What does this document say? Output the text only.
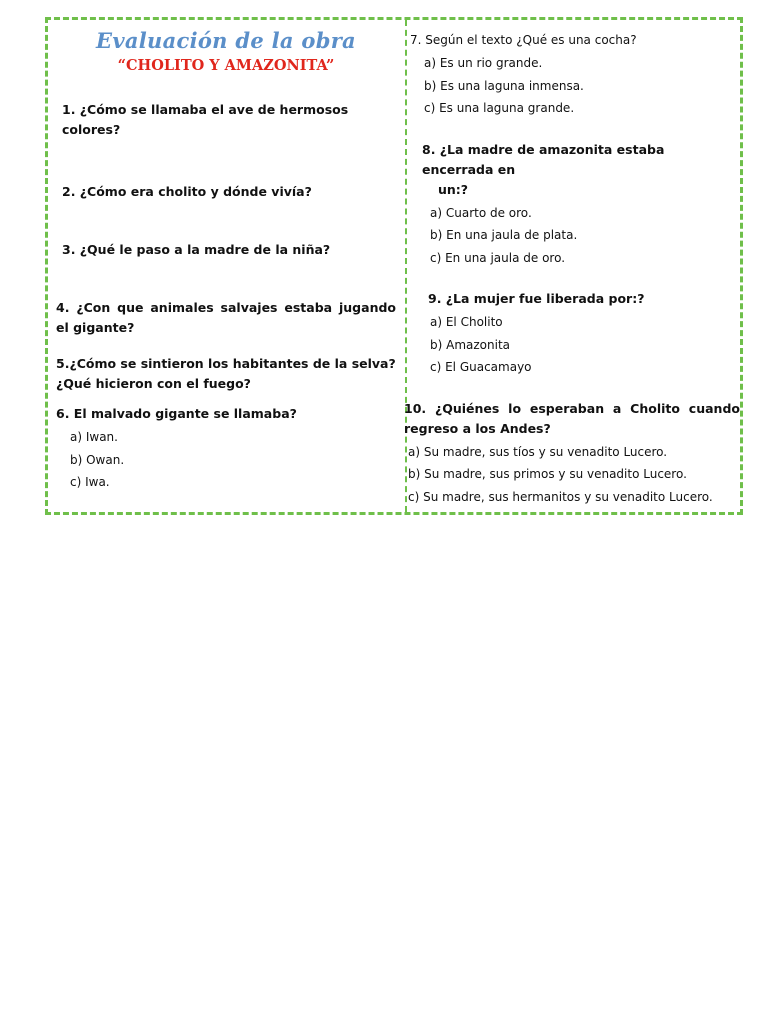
Evaluación de la obra
“CHOLITO Y AMAZONITA”

1. ¿Cómo se llamaba el ave de hermosos colores?

2. ¿Cómo era cholito y dónde vivía?

3. ¿Qué le paso a la madre de la niña?

4. ¿Con que animales salvajes estaba jugando el gigante?

5.¿Cómo se sintieron los habitantes de la selva? ¿Qué hicieron con el fuego?

6. El malvado gigante se llamaba?

a) Iwan.
b) Owan.
c) Iwa.

7. Según el texto ¿Qué es una cocha?

a) Es un rio grande.
b) Es una laguna inmensa.
c) Es una laguna grande.

8. ¿La madre de amazonita estaba encerrada en
un:?

a) Cuarto de oro.
b) En una jaula de plata.
c) En una jaula de oro.

9. ¿La mujer fue liberada por:?

a) El Cholito
b) Amazonita
c) El Guacamayo

10. ¿Quiénes lo esperaban a Cholito cuando regreso a los Andes?

a) Su madre, sus tíos y su venadito Lucero.
b) Su madre, sus primos y su venadito Lucero.
c) Su madre, sus hermanitos y su venadito Lucero.
